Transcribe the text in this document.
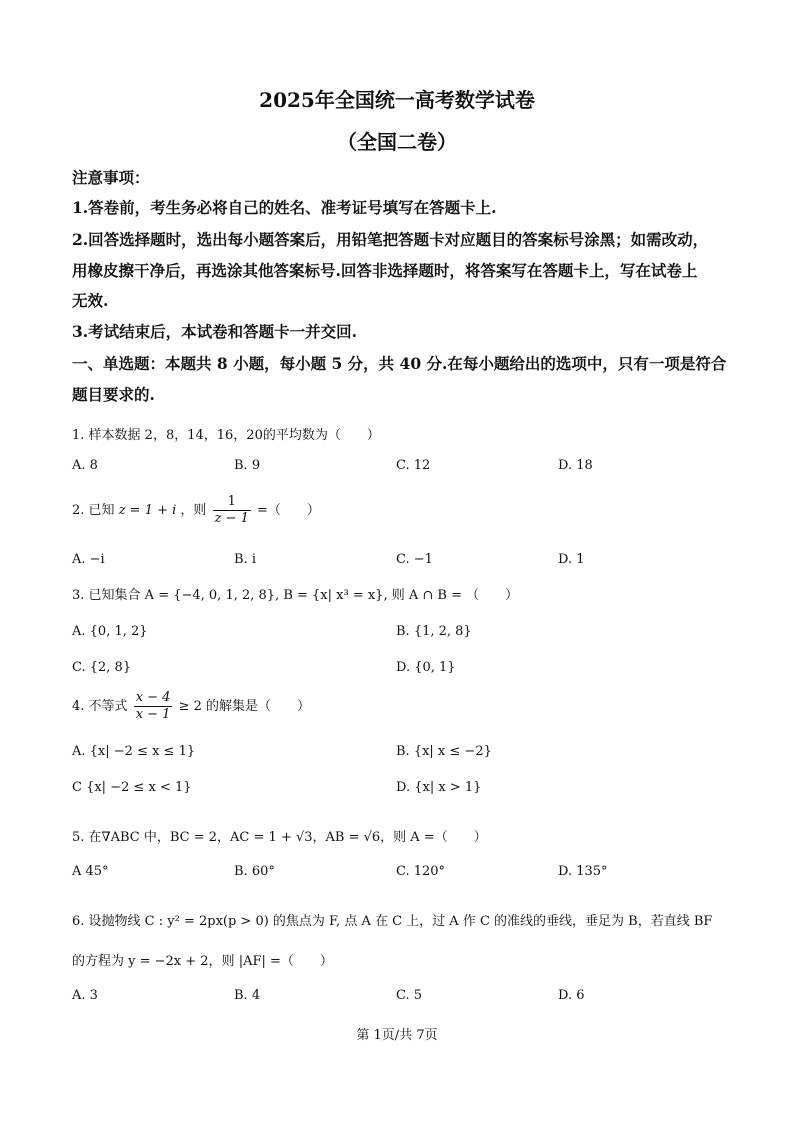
2025年全国统一高考数学试卷
（全国二卷）
注意事项：
1.答卷前，考生务必将自己的姓名、准考证号填写在答题卡上.
2.回答选择题时，选出每小题答案后，用铅笔把答题卡对应题目的答案标号涂黑；如需改动，
用橡皮擦干净后，再选涂其他答案标号.回答非选择题时，将答案写在答题卡上，写在试卷上
无效.
3.考试结束后，本试卷和答题卡一并交回.
一、单选题：本题共 8 小题，每小题 5 分，共 40 分.在每小题给出的选项中，只有一项是符合
题目要求的.
1. 样本数据 2，8，14，16，20的平均数为（　　）
A. 8	B. 9	C. 12	D. 18
2. 已知 z = 1 + i ，则 $\frac{1}{z - 1}$ =（　　）
A. −i	B. i	C. −1	D. 1
3. 已知集合 A = {−4, 0, 1, 2, 8}, B = {x| x³ = x}, 则 A ∩ B = （　　）
A. {0, 1, 2}	B. {1, 2, 8}
C. {2, 8}	D. {0, 1}
4. 不等式 $\frac{x - 4}{x - 1} \ge 2$ 的解集是（　　）
A. {x| −2 ≤ x ≤ 1}	B. {x| x ≤ −2}
C {x| −2 ≤ x < 1}	D. {x| x > 1}
5. 在∇ABC 中，BC = 2，AC = 1 + √3，AB = √6，则 A =（　　）
A 45°	B. 60°	C. 120°	D. 135°
6. 设抛物线 C : y² = 2px(p > 0) 的焦点为 F, 点 A 在 C 上，过 A 作 C 的准线的垂线，垂足为 B，若直线 BF
的方程为 y = −2x + 2，则 |AF| =（　　）
A. 3	B. 4	C. 5	D. 6
第 1页/共 7页
